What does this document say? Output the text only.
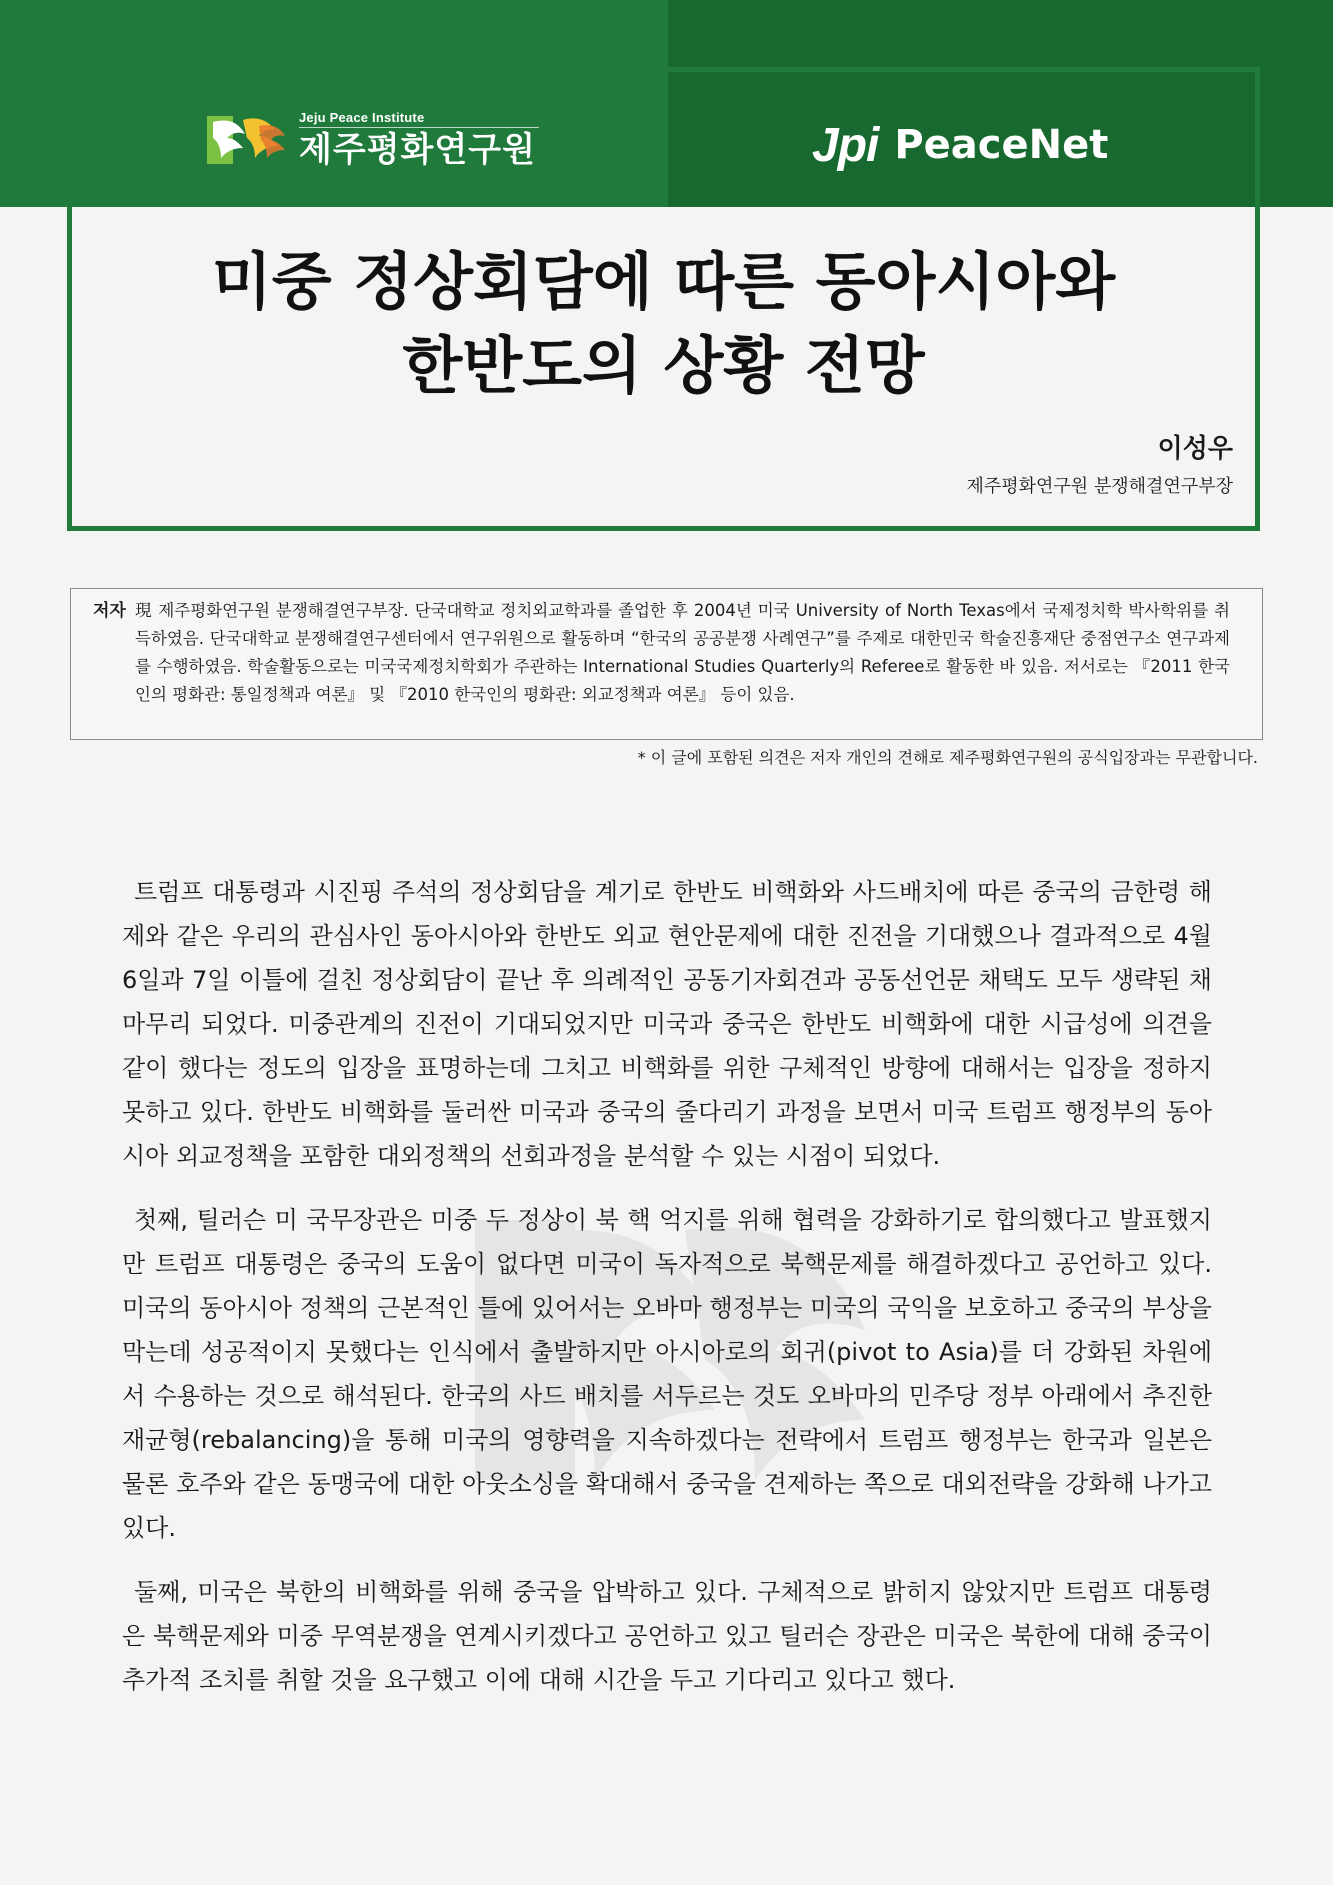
Jeju Peace Institute
제주평화연구원	Jpi PeaceNet
미중 정상회담에 따른 동아시아와
한반도의 상황 전망
이성우
제주평화연구원 분쟁해결연구부장
저자 現 제주평화연구원 분쟁해결연구부장. 단국대학교 정치외교학과를 졸업한 후 2004년 미국 University of North Texas에서 국제정치학 박사학위를 취득하였음. 단국대학교 분쟁해결연구센터에서 연구위원으로 활동하며 “한국의 공공분쟁 사례연구”를 주제로 대한민국 학술진흥재단 중점연구소 연구과제를 수행하였음. 학술활동으로는 미국국제정치학회가 주관하는 International Studies Quarterly의 Referee로 활동한 바 있음. 저서로는 『2011 한국인의 평화관: 통일정책과 여론』 및 『2010 한국인의 평화관: 외교정책과 여론』 등이 있음.
* 이 글에 포함된 의견은 저자 개인의 견해로 제주평화연구원의 공식입장과는 무관합니다.

트럼프 대통령과 시진핑 주석의 정상회담을 계기로 한반도 비핵화와 사드배치에 따른 중국의 금한령 해제와 같은 우리의 관심사인 동아시아와 한반도 외교 현안문제에 대한 진전을 기대했으나 결과적으로 4월 6일과 7일 이틀에 걸친 정상회담이 끝난 후 의례적인 공동기자회견과 공동선언문 채택도 모두 생략된 채 마무리 되었다. 미중관계의 진전이 기대되었지만 미국과 중국은 한반도 비핵화에 대한 시급성에 의견을 같이 했다는 정도의 입장을 표명하는데 그치고 비핵화를 위한 구체적인 방향에 대해서는 입장을 정하지 못하고 있다. 한반도 비핵화를 둘러싼 미국과 중국의 줄다리기 과정을 보면서 미국 트럼프 행정부의 동아시아 외교정책을 포함한 대외정책의 선회과정을 분석할 수 있는 시점이 되었다.

첫째, 틸러슨 미 국무장관은 미중 두 정상이 북 핵 억지를 위해 협력을 강화하기로 합의했다고 발표했지만 트럼프 대통령은 중국의 도움이 없다면 미국이 독자적으로 북핵문제를 해결하겠다고 공언하고 있다. 미국의 동아시아 정책의 근본적인 틀에 있어서는 오바마 행정부는 미국의 국익을 보호하고 중국의 부상을 막는데 성공적이지 못했다는 인식에서 출발하지만 아시아로의 회귀(pivot to Asia)를 더 강화된 차원에서 수용하는 것으로 해석된다. 한국의 사드 배치를 서두르는 것도 오바마의 민주당 정부 아래에서 추진한 재균형(rebalancing)을 통해 미국의 영향력을 지속하겠다는 전략에서 트럼프 행정부는 한국과 일본은 물론 호주와 같은 동맹국에 대한 아웃소싱을 확대해서 중국을 견제하는 쪽으로 대외전략을 강화해 나가고 있다.

둘째, 미국은 북한의 비핵화를 위해 중국을 압박하고 있다. 구체적으로 밝히지 않았지만 트럼프 대통령은 북핵문제와 미중 무역분쟁을 연계시키겠다고 공언하고 있고 틸러슨 장관은 미국은 북한에 대해 중국이 추가적 조치를 취할 것을 요구했고 이에 대해 시간을 두고 기다리고 있다고 했다.
